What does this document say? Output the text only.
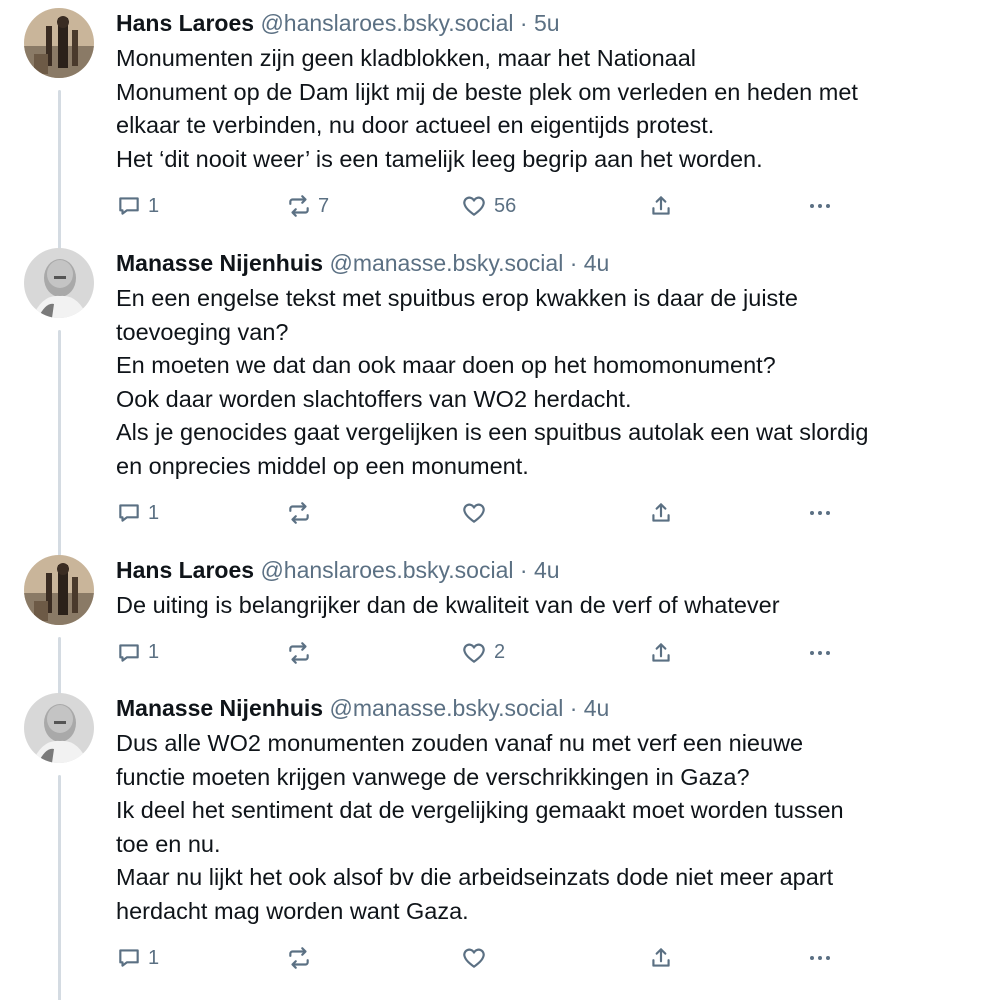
Hans Laroes @hanslaroes.bsky.social · 5u
Monumenten zijn geen kladblokken, maar het Nationaal
Monument op de Dam lijkt mij de beste plek om verleden en heden met
elkaar te verbinden, nu door actueel en eigentijds protest.
Het ‘dit nooit weer’ is een tamelijk leeg begrip aan het worden.
1	7	56
Manasse Nijenhuis @manasse.bsky.social · 4u
En een engelse tekst met spuitbus erop kwakken is daar de juiste
toevoeging van?
En moeten we dat dan ook maar doen op het homomonument?
Ook daar worden slachtoffers van WO2 herdacht.
Als je genocides gaat vergelijken is een spuitbus autolak een wat slordig
en onprecies middel op een monument.
1
Hans Laroes @hanslaroes.bsky.social · 4u
De uiting is belangrijker dan de kwaliteit van de verf of whatever
1	2
Manasse Nijenhuis @manasse.bsky.social · 4u
Dus alle WO2 monumenten zouden vanaf nu met verf een nieuwe
functie moeten krijgen vanwege de verschrikkingen in Gaza?
Ik deel het sentiment dat de vergelijking gemaakt moet worden tussen
toe en nu.
Maar nu lijkt het ook alsof bv die arbeidseinzats dode niet meer apart
herdacht mag worden want Gaza.
1
